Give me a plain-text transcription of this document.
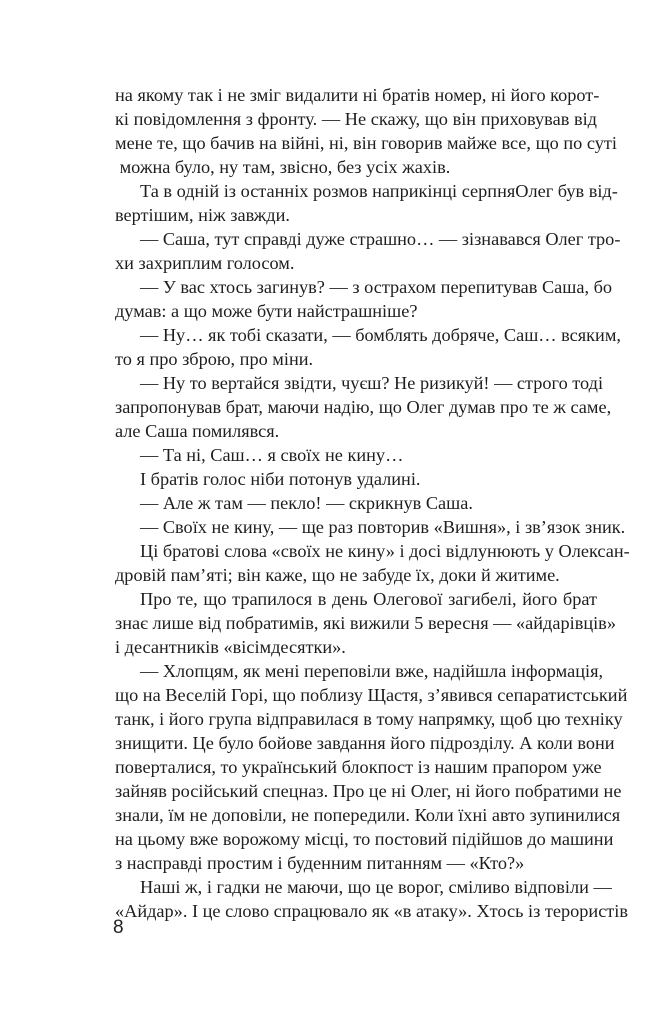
на якому так і не зміг видалити ні братів номер, ні його корот-
кі повідомлення з фронту. — Не скажу, що він приховував від
мене те, що бачив на війні, ні, він говорив майже все, що по суті
можна було, ну там, звісно, без усіх жахів.
Та в одній із останніх розмов наприкінці серпняОлег був від-
вертішим, ніж завжди.
— Саша, тут справді дуже страшно… — зізнавався Олег тро-
хи захриплим голосом.
— У вас хтось загинув? — з острахом перепитував Саша, бо
думав: а що може бути найстрашніше?
— Ну… як тобі сказати, — бомблять добряче, Саш… всяким,
то я про зброю, про міни.
— Ну то вертайся звідти, чуєш? Не ризикуй! — строго тоді
запропонував брат, маючи надію, що Олег думав про те ж саме,
але Саша помилявся.
— Та ні, Саш… я своїх не кину…
І братів голос ніби потонув удалині.
— Але ж там — пекло! — скрикнув Саша.
— Своїх не кину, — ще раз повторив «Вишня», і зв’язок зник.
Ці братові слова «своїх не кину» і досі відлунюють у Олексан-
дровій пам’яті; він каже, що не забуде їх, доки й житиме.
Про те, що трапилося в день Олегової загибелі, його брат
знає лише від побратимів, які вижили 5 вересня — «айдарівців»
і десантників «вісімдесятки».
— Хлопцям, як мені переповіли вже, надійшла інформація,
що на Веселій Горі, що поблизу Щастя, з’явився сепаратистський
танк, і його група відправилася в тому напрямку, щоб цю техніку
знищити. Це було бойове завдання його підрозділу. А коли вони
поверталися, то український блокпост із нашим прапором уже
зайняв російський спецназ. Про це ні Олег, ні його побратими не
знали, їм не доповіли, не попередили. Коли їхні авто зупинилися
на цьому вже ворожому місці, то постовий підійшов до машини
з насправді простим і буденним питанням — «Кто?»
Наші ж, і гадки не маючи, що це ворог, сміливо відповіли —
«Айдар». І це слово спрацювало як «в атаку». Хтось із терористів
8
